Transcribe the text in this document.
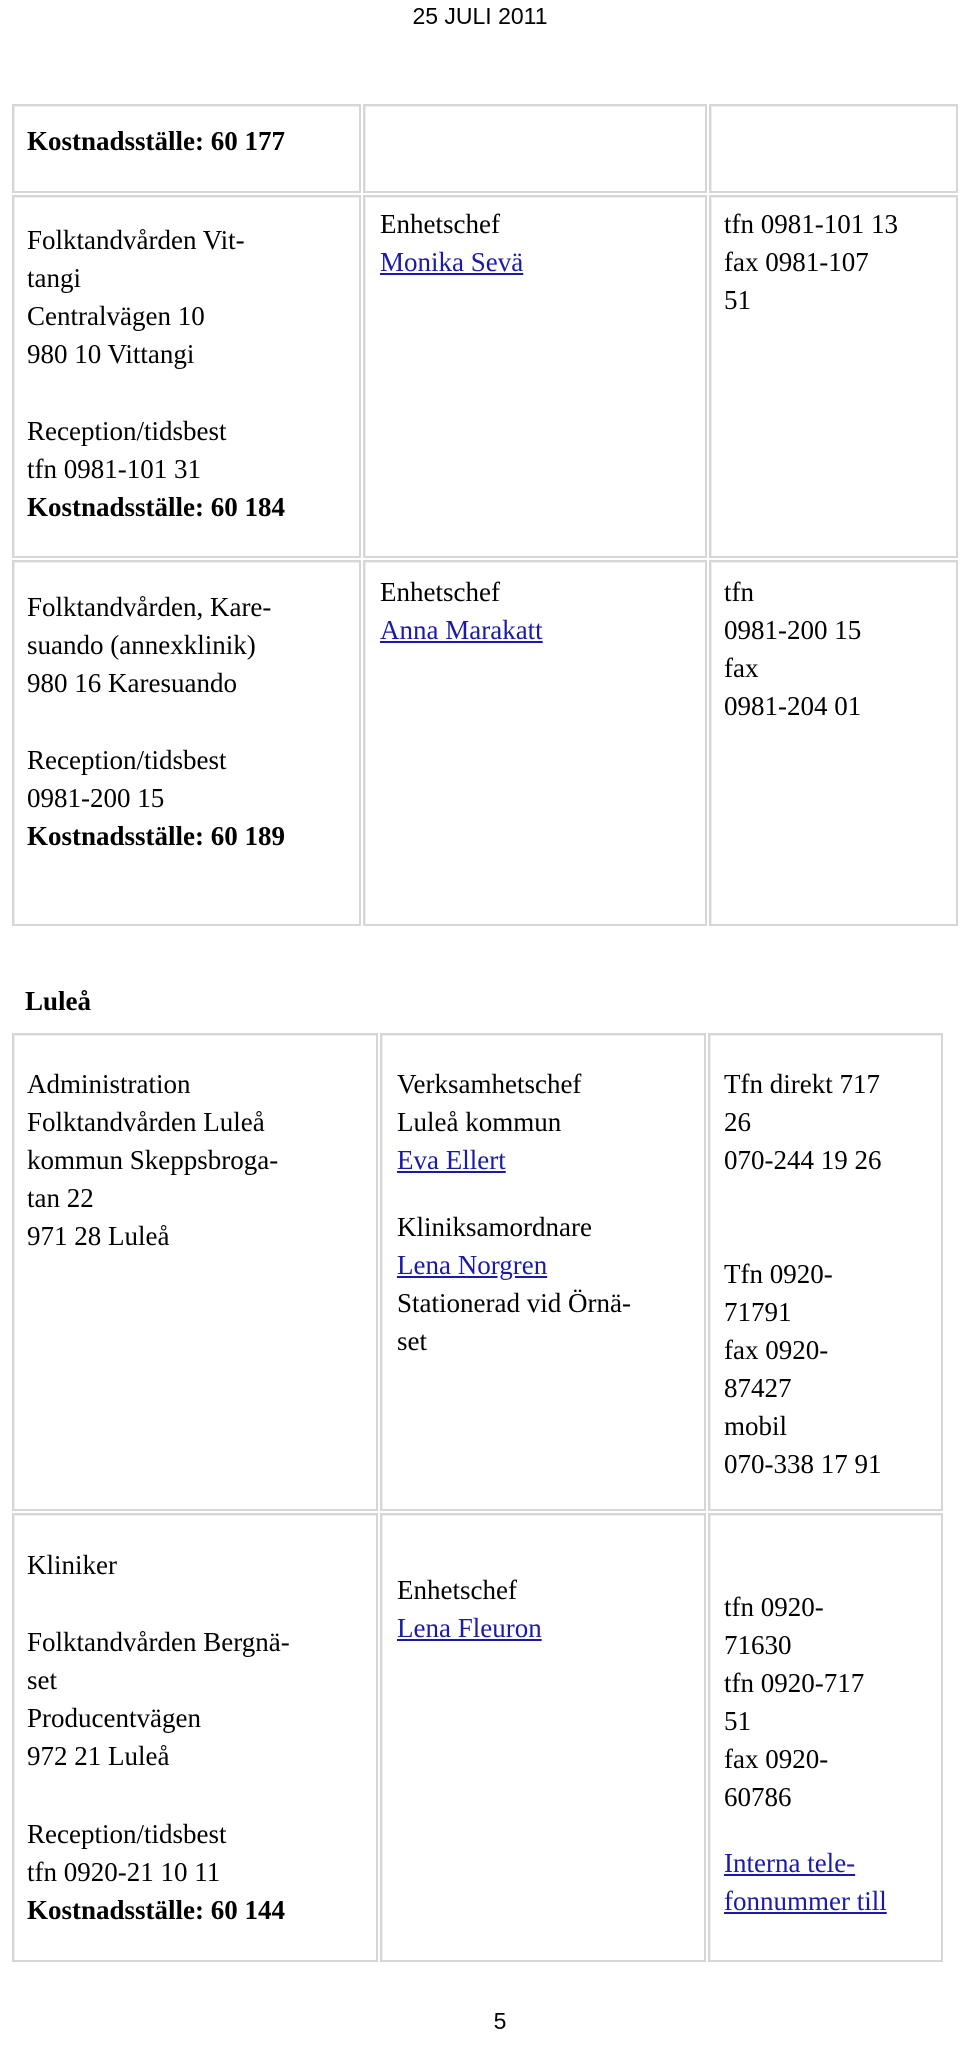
25 JULI 2011
Kostnadsställe: 60 177
Folktandvården Vit-
tangi
Centralvägen 10
980 10 Vittangi
Reception/tidsbest
tfn 0981-101 31
Kostnadsställe: 60 184
Enhetschef
Monika Sevä
tfn 0981-101 13
fax 0981-107
51
Folktandvården, Kare-
suando (annexklinik)
980 16 Karesuando
Reception/tidsbest
0981-200 15
Kostnadsställe: 60 189
Enhetschef
Anna Marakatt
tfn
0981-200 15
fax
0981-204 01
Luleå
Administration
Folktandvården Luleå
kommun Skeppsbroga-
tan 22
971 28 Luleå
Verksamhetschef
Luleå kommun
Eva Ellert
Kliniksamordnare
Lena Norgren
Stationerad vid Örnä-
set
Tfn direkt 717
26
070-244 19 26
Tfn 0920-
71791
fax 0920-
87427
mobil
070-338 17 91
Kliniker
Folktandvården Bergnä-
set
Producentvägen
972 21 Luleå
Reception/tidsbest
tfn 0920-21 10 11
Kostnadsställe: 60 144
Enhetschef
Lena Fleuron
tfn 0920-
71630
tfn 0920-717
51
fax 0920-
60786
Interna tele-
fonnummer till
5
